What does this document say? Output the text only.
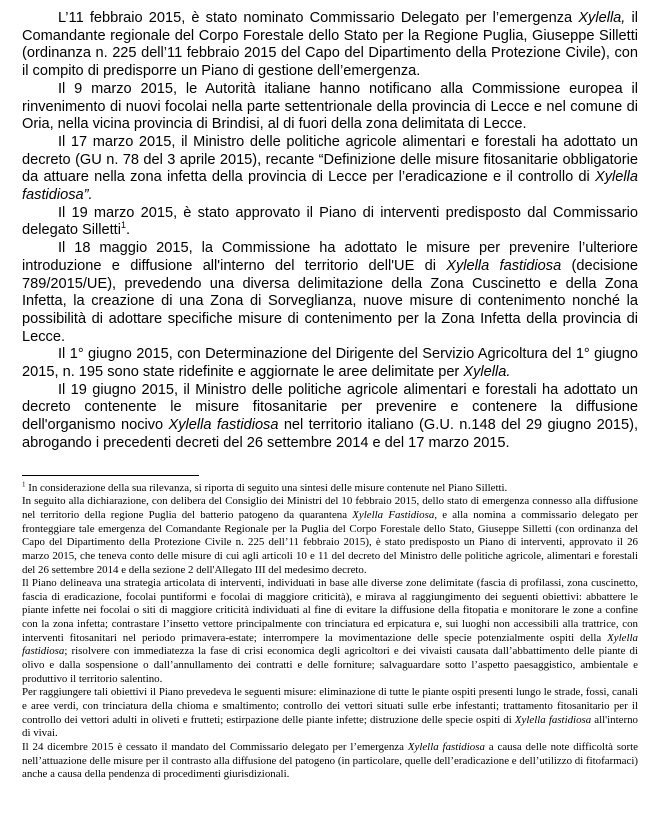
L’11 febbraio 2015, è stato nominato Commissario Delegato per l’emergenza Xylella, il Comandante regionale del Corpo Forestale dello Stato per la Regione Puglia, Giuseppe Silletti (ordinanza n. 225 dell’11 febbraio 2015 del Capo del Dipartimento della Protezione Civile), con il compito di predisporre un Piano di gestione dell’emergenza.

Il 9 marzo 2015, le Autorità italiane hanno notificano alla Commissione europea il rinvenimento di nuovi focolai nella parte settentrionale della provincia di Lecce e nel comune di Oria, nella vicina provincia di Brindisi, al di fuori della zona delimitata di Lecce.

Il 17 marzo 2015, il Ministro delle politiche agricole alimentari e forestali ha adottato un decreto (GU n. 78 del 3 aprile 2015), recante “Definizione delle misure fitosanitarie obbligatorie da attuare nella zona infetta della provincia di Lecce per l’eradicazione e il controllo di Xylella fastidiosa”.

Il 19 marzo 2015, è stato approvato il Piano di interventi predisposto dal Commissario delegato Silletti$^1$.

Il 18 maggio 2015, la Commissione ha adottato le misure per prevenire l’ulteriore introduzione e diffusione all'interno del territorio dell'UE di Xylella fastidiosa (decisione 789/2015/UE), prevedendo una diversa delimitazione della Zona Cuscinetto e della Zona Infetta, la creazione di una Zona di Sorveglianza, nuove misure di contenimento nonché la possibilità di adottare specifiche misure di contenimento per la Zona Infetta della provincia di Lecce.

Il 1° giugno 2015, con Determinazione del Dirigente del Servizio Agricoltura del 1° giugno 2015, n. 195 sono state ridefinite e aggiornate le aree delimitate per Xylella.

Il 19 giugno 2015, il Ministro delle politiche agricole alimentari e forestali ha adottato un decreto contenente le misure fitosanitarie per prevenire e contenere la diffusione dell'organismo nocivo Xylella fastidiosa nel territorio italiano (G.U. n.148 del 29 giugno 2015), abrogando i precedenti decreti del 26 settembre 2014 e del 17 marzo 2015.

$^1$ In considerazione della sua rilevanza, si riporta di seguito una sintesi delle misure contenute nel Piano Silletti.

In seguito alla dichiarazione, con delibera del Consiglio dei Ministri del 10 febbraio 2015, dello stato di emergenza connesso alla diffusione nel territorio della regione Puglia del batterio patogeno da quarantena Xylella Fastidiosa, e alla nomina a commissario delegato per fronteggiare tale emergenza del Comandante Regionale per la Puglia del Corpo Forestale dello Stato, Giuseppe Silletti (con ordinanza del Capo del Dipartimento della Protezione Civile n. 225 dell’11 febbraio 2015), è stato predisposto un Piano di interventi, approvato il 26 marzo 2015, che teneva conto delle misure di cui agli articoli 10 e 11 del decreto del Ministro delle politiche agricole, alimentari e forestali del 26 settembre 2014 e della sezione 2 dell'Allegato III del medesimo decreto.

Il Piano delineava una strategia articolata di interventi, individuati in base alle diverse zone delimitate (fascia di profilassi, zona cuscinetto, fascia di eradicazione, focolai puntiformi e focolai di maggiore criticità), e mirava al raggiungimento dei seguenti obiettivi: abbattere le piante infette nei focolai o siti di maggiore criticità individuati al fine di evitare la diffusione della fitopatia e monitorare le zone a confine con la zona infetta; contrastare l’insetto vettore principalmente con trinciatura ed erpicatura e, sui luoghi non accessibili alla trattrice, con interventi fitosanitari nel periodo primavera-estate; interrompere la movimentazione delle specie potenzialmente ospiti della Xylella fastidiosa; risolvere con immediatezza la fase di crisi economica degli agricoltori e dei vivaisti causata dall’abbattimento delle piante di olivo e dalla sospensione o dall’annullamento dei contratti e delle forniture; salvaguardare sotto l’aspetto paesaggistico, ambientale e produttivo il territorio salentino.

Per raggiungere tali obiettivi il Piano prevedeva le seguenti misure: eliminazione di tutte le piante ospiti presenti lungo le strade, fossi, canali e aree verdi, con trinciatura della chioma e smaltimento; controllo dei vettori situati sulle erbe infestanti; trattamento fitosanitario per il controllo dei vettori adulti in oliveti e frutteti; estirpazione delle piante infette; distruzione delle specie ospiti di Xylella fastidiosa all'interno di vivai.

Il 24 dicembre 2015 è cessato il mandato del Commissario delegato per l’emergenza Xylella fastidiosa a causa delle note difficoltà sorte nell’attuazione delle misure per il contrasto alla diffusione del patogeno (in particolare, quelle dell’eradicazione e dell’utilizzo di fitofarmaci) anche a causa della pendenza di procedimenti giurisdizionali.
